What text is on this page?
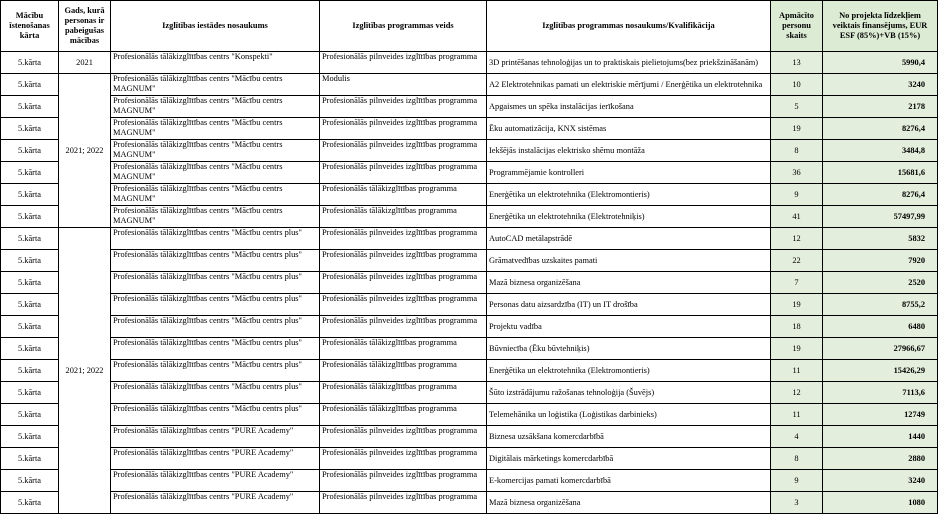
Mācību īstenošanas kārta	Gads, kurā personas ir pabeigušas mācības	Izglītības iestādes nosaukums	Izglītības programmas veids	Izglītības programmas nosaukums/Kvalifikācija	Apmācīto personu skaits	No projekta līdzekļiem veiktais finansējums, EUR ESF (85%)+VB (15%)
5.kārta	2021	Profesionālās tālākizglītības centrs "Konspekti"	Profesionālās pilnveides izglītības programma	3D printēšanas tehnoloģijas un to praktiskais pielietojums(bez priekšzināšanām)	13	5990,4
5.kārta	2021; 2022	Profesionālās tālākizglītības centrs "Mācību centrs MAGNUM"	Modulis	A2 Elektrotehnikas pamati un elektriskie mērījumi / Enerģētika un elektrotehnika	10	3240
5.kārta		Profesionālās tālākizglītības centrs "Mācību centrs MAGNUM"	Profesionālās pilnveides izglītības programma	Apgaismes un spēka instalācijas ierīkošana	5	2178
5.kārta		Profesionālās tālākizglītības centrs "Mācību centrs MAGNUM"	Profesionālās pilnveides izglītības programma	Ēku automatizācija, KNX sistēmas	19	8276,4
5.kārta		Profesionālās tālākizglītības centrs "Mācību centrs MAGNUM"	Profesionālās pilnveides izglītības programma	Iekšējās instalācijas elektrisko shēmu montāža	8	3484,8
5.kārta		Profesionālās tālākizglītības centrs "Mācību centrs MAGNUM"	Profesionālās pilnveides izglītības programma	Programmējamie kontrolleri	36	15681,6
5.kārta		Profesionālās tālākizglītības centrs "Mācību centrs MAGNUM"	Profesionālās tālākizglītības programma	Enerģētika un elektrotehnika (Elektromontieris)	9	8276,4
5.kārta		Profesionālās tālākizglītības centrs "Mācību centrs MAGNUM"	Profesionālās tālākizglītības programma	Enerģētika un elektrotehnika (Elektrotehniķis)	41	57497,99
5.kārta	2021; 2022	Profesionālās tālākizglītības centrs "Mācību centrs plus"	Profesionālās pilnveides izglītības programma	AutoCAD metālapstrādē	12	5832
5.kārta		Profesionālās tālākizglītības centrs "Mācību centrs plus"	Profesionālās pilnveides izglītības programma	Grāmatvedības uzskaites pamati	22	7920
5.kārta		Profesionālās tālākizglītības centrs "Mācību centrs plus"	Profesionālās pilnveides izglītības programma	Mazā biznesa organizēšana	7	2520
5.kārta		Profesionālās tālākizglītības centrs "Mācību centrs plus"	Profesionālās pilnveides izglītības programma	Personas datu aizsardzība (IT) un IT drošība	19	8755,2
5.kārta		Profesionālās tālākizglītības centrs "Mācību centrs plus"	Profesionālās pilnveides izglītības programma	Projektu vadība	18	6480
5.kārta		Profesionālās tālākizglītības centrs "Mācību centrs plus"	Profesionālās tālākizglītības programma	Būvniecība (Ēku būvtehniķis)	19	27966,67
5.kārta		Profesionālās tālākizglītības centrs "Mācību centrs plus"	Profesionālās tālākizglītības programma	Enerģētika un elektrotehnika (Elektromontieris)	11	15426,29
5.kārta		Profesionālās tālākizglītības centrs "Mācību centrs plus"	Profesionālās tālākizglītības programma	Šūto izstrādājumu ražošanas tehnoloģija (Šuvējs)	12	7113,6
5.kārta		Profesionālās tālākizglītības centrs "Mācību centrs plus"	Profesionālās tālākizglītības programma	Telemehānika un loģistika (Loģistikas darbinieks)	11	12749
5.kārta		Profesionālās tālākizglītības centrs "PURE Academy"	Profesionālās pilnveides izglītības programma	Biznesa uzsākšana komercdarbībā	4	1440
5.kārta		Profesionālās tālākizglītības centrs "PURE Academy"	Profesionālās pilnveides izglītības programma	Digitālais mārketings komercdarbībā	8	2880
5.kārta		Profesionālās tālākizglītības centrs "PURE Academy"	Profesionālās pilnveides izglītības programma	E-komercijas pamati komercdarbībā	9	3240
5.kārta		Profesionālās tālākizglītības centrs "PURE Academy"	Profesionālās pilnveides izglītības programma	Mazā biznesa organizēšana	3	1080
